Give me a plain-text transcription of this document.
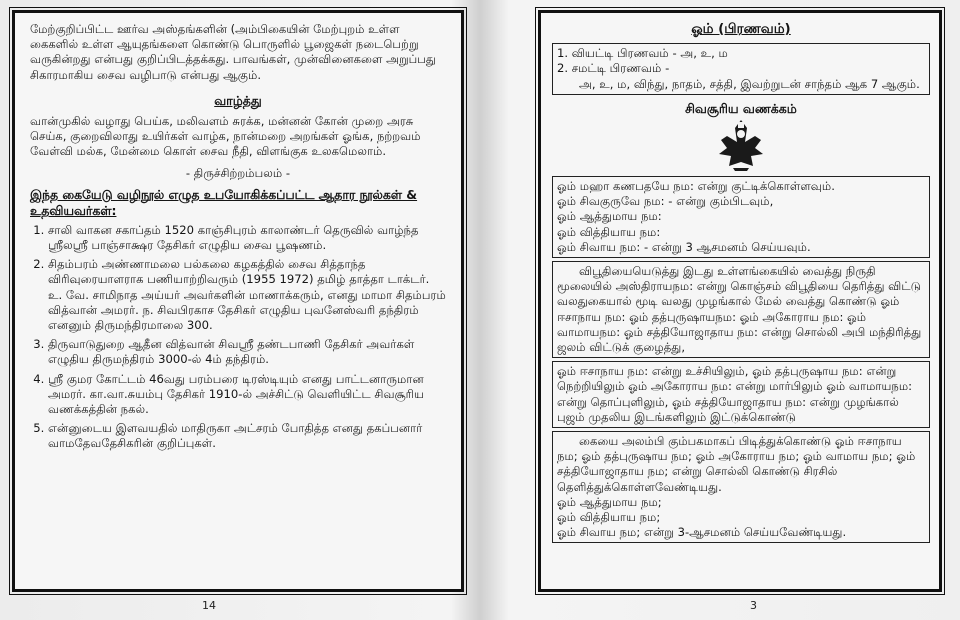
மேற்குறிப்பிட்ட ஊர்வ அஸ்தங்களின் (அம்பிகையின் மேற்புறம் உள்ள கைகளில் உள்ள ஆயுதங்களை கொண்டு பொருளில் பூஜைகள் நடைபெற்று வருகின்றது என்பது குறிப்பிடத்தக்கது. பாவங்கள், முன்வினைகளை அறுப்பது சிகாரமாகிய சைவ வழிபாடு என்பது ஆகும்.

வாழ்த்து

வான்முகில் வழாது பெய்க, மலிவளம் சுரக்க, மன்னன் கோன் முறை அரசு செய்க, குறைவிலாது உயிர்கள் வாழ்க, நான்மறை அறங்கள் ஓங்க, நற்றவம் வேள்வி மல்க, மேன்மை கொள் சைவ நீதி, விளங்குக உலகமெலாம்.

- திருச்சிற்றம்பலம் -
இந்த கையேடு வழிநூல் எழுத உபயோகிக்கப்பட்ட ஆதார நூல்கள் & உதவியவர்கள்:
1. சாலி வாகன சகாப்தம் 1520 காஞ்சிபுரம் காலாண்டர் தெருவில் வாழ்ந்த ஸ்ரீலஸ்ரீ பாஞ்சாக்ஷர தேசிகர் எழுதிய சைவ பூஷணம்.
2. சிதம்பரம் அண்ணாமலை பல்கலை கழகத்தில் சைவ சித்தாந்த விரிவுரையாளராக பணியாற்றிவரும் (1955 1972) தமிழ் தாத்தா டாக்டர். உ. வே. சாமிநாத அய்யர் அவர்களின் மாணாக்கரும், எனது மாமா சிதம்பரம் வித்வான் அமரர். ந. சிவபிரகாச தேசிகர் எழுதிய புவனேஸ்வரி தந்திரம் எனனும் திருமந்திரமாலை 300.
3. திருவாடுதுறை ஆதீன வித்வான் சிவஸ்ரீ தண்டபாணி தேசிகர் அவர்கள் எழுதிய திருமந்திரம் 3000-ல் 4ம் தந்திரம்.
4. ஸ்ரீ குமர கோட்டம் 46வது பரம்பரை டிரஸ்டியும் எனது பாட்டனாருமான அமரர். கா.வா.சுயம்பு தேசிகர் 1910-ல் அச்சிட்டு வெளியிட்ட சிவசூரிய வணக்கத்தின் நகல்.
5. என்னுடைய இளவயதில் மாதிருகா அட்சரம் போதித்த எனது தகப்பனார் வாமதேவதேசிகரின் குறிப்புகள்.
14
ஓம் (பிரணவம்)
1. வியட்டி பிரணவம் - அ, உ, ம
2. சமட்டி பிரணவம் -
அ, உ, ம, விந்து, நாதம், சத்தி, இவற்றுடன் சாந்தம் ஆக 7 ஆகும்.
சிவசூரிய வணக்கம்
ஓம் மஹா கணபதயே நம: என்று குட்டிக்கொள்ளவும்.
ஓம் சிவகுருவே நம: - என்று கும்பிடவும்,
ஓம் ஆத்துமாய நம:
ஓம் வித்தியாய நம:
ஓம் சிவாய நம: - என்று 3 ஆசமனம் செய்யவும்.
விபூதியையெடுத்து இடது உள்ளங்கையில் வைத்து நிருதி மூலையில் அஸ்திராயநம: என்று கொஞ்சம் விபூதியை தெரித்து விட்டு வலதுகையால் மூடி வலது முழங்கால் மேல் வைத்து கொண்டு ஓம் ஈசாநாய நம: ஓம் தத்புருஷாயநம: ஓம் அகோராய நம: ஓம் வாமாயநம: ஓம் சத்தியோஜாதாய நம: என்று சொல்லி அபி மந்திரித்து ஜலம் விட்டுக் குழைத்து,
ஓம் ஈசாநாய நம: என்று உச்சியிலும், ஓம் தத்புருஷாய நம: என்று நெற்றியிலும் ஓம் அகோராய நம: என்று மார்பிலும் ஓம் வாமாயநம: என்று தொப்புளிலும், ஓம் சத்தியோஜாதாய நம: என்று முழங்கால் புஜம் முதலிய இடங்களிலும் இட்டுக்கொண்டு
கையை அலம்பி கும்பகமாகப் பிடித்துக்கொண்டு ஓம் ஈசாநாய நம; ஓம் தத்புருஷாய நம; ஓம் அகோராய நம; ஓம் வாமாய நம; ஓம் சத்தியோஜாதாய நம; என்று சொல்லி கொண்டு சிரசில் தெளித்துக்கொள்ளவேண்டியது.
ஓம் ஆத்துமாய நம;
ஓம் வித்தியாய நம;
ஓம் சிவாய நம; என்று 3-ஆசமனம் செய்யவேண்டியது.
3
